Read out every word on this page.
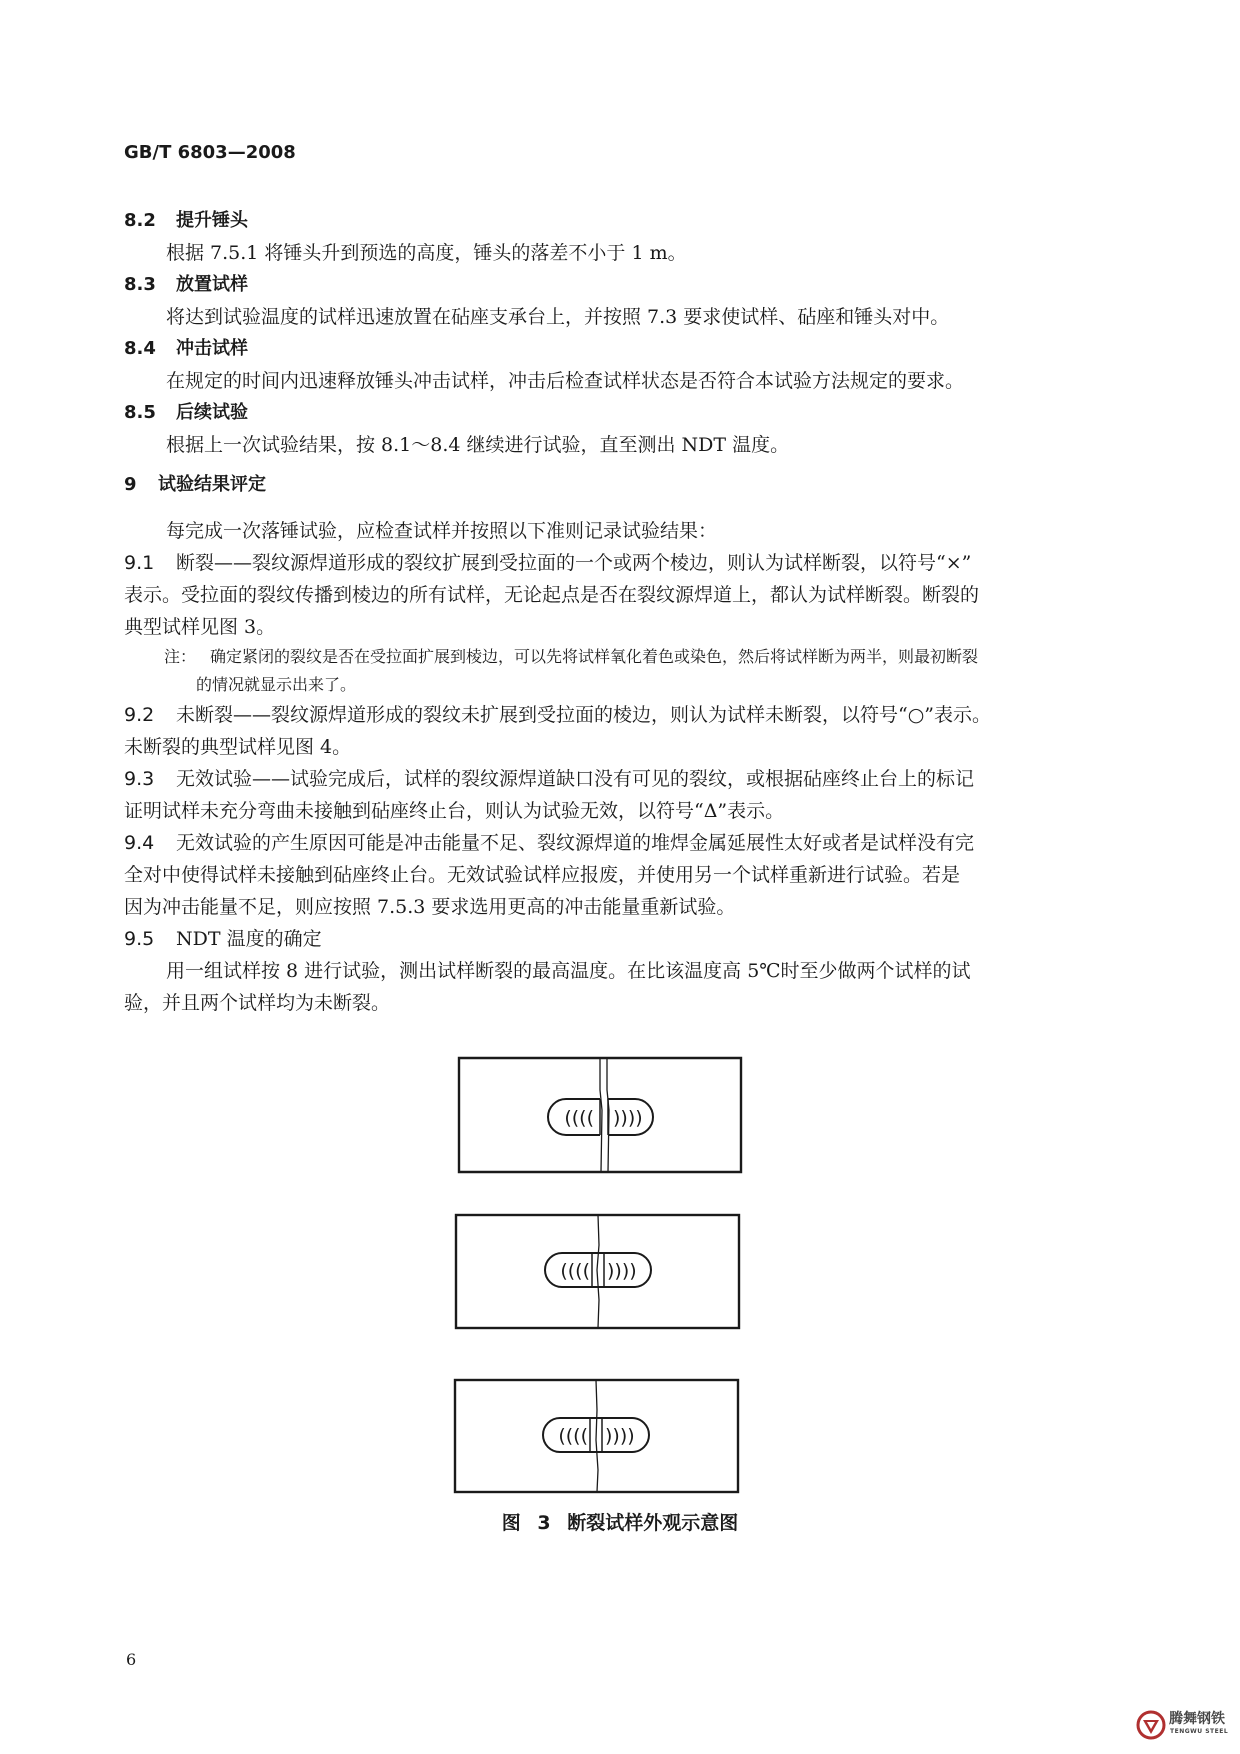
GB/T 6803—2008
8.2 提升锤头
根据 7.5.1 将锤头升到预选的高度，锤头的落差不小于 1 m。
8.3 放置试样
将达到试验温度的试样迅速放置在砧座支承台上，并按照 7.3 要求使试样、砧座和锤头对中。
8.4 冲击试样
在规定的时间内迅速释放锤头冲击试样，冲击后检查试样状态是否符合本试验方法规定的要求。
8.5 后续试验
根据上一次试验结果，按 8.1～8.4 继续进行试验，直至测出 NDT 温度。
9 试验结果评定
每完成一次落锤试验，应检查试样并按照以下准则记录试验结果：
9.1 断裂——裂纹源焊道形成的裂纹扩展到受拉面的一个或两个棱边，则认为试样断裂，以符号“×”
表示。受拉面的裂纹传播到棱边的所有试样，无论起点是否在裂纹源焊道上，都认为试样断裂。断裂的
典型试样见图 3。
注： 确定紧闭的裂纹是否在受拉面扩展到棱边，可以先将试样氧化着色或染色，然后将试样断为两半，则最初断裂
的情况就显示出来了。
9.2 未断裂——裂纹源焊道形成的裂纹未扩展到受拉面的棱边，则认为试样未断裂，以符号“○”表示。
未断裂的典型试样见图 4。
9.3 无效试验——试验完成后，试样的裂纹源焊道缺口没有可见的裂纹，或根据砧座终止台上的标记
证明试样未充分弯曲未接触到砧座终止台，则认为试验无效，以符号“Δ”表示。
9.4 无效试验的产生原因可能是冲击能量不足、裂纹源焊道的堆焊金属延展性太好或者是试样没有完
全对中使得试样未接触到砧座终止台。无效试验试样应报废，并使用另一个试样重新进行试验。若是
因为冲击能量不足，则应按照 7.5.3 要求选用更高的冲击能量重新试验。
9.5 NDT 温度的确定
用一组试样按 8 进行试验，测出试样断裂的最高温度。在比该温度高 5℃时至少做两个试样的试
验，并且两个试样均为未断裂。
(((( ))))
(((( ))))
(((( ))))
图 3 断裂试样外观示意图
6
腾舞钢铁
TENGWU STEEL
